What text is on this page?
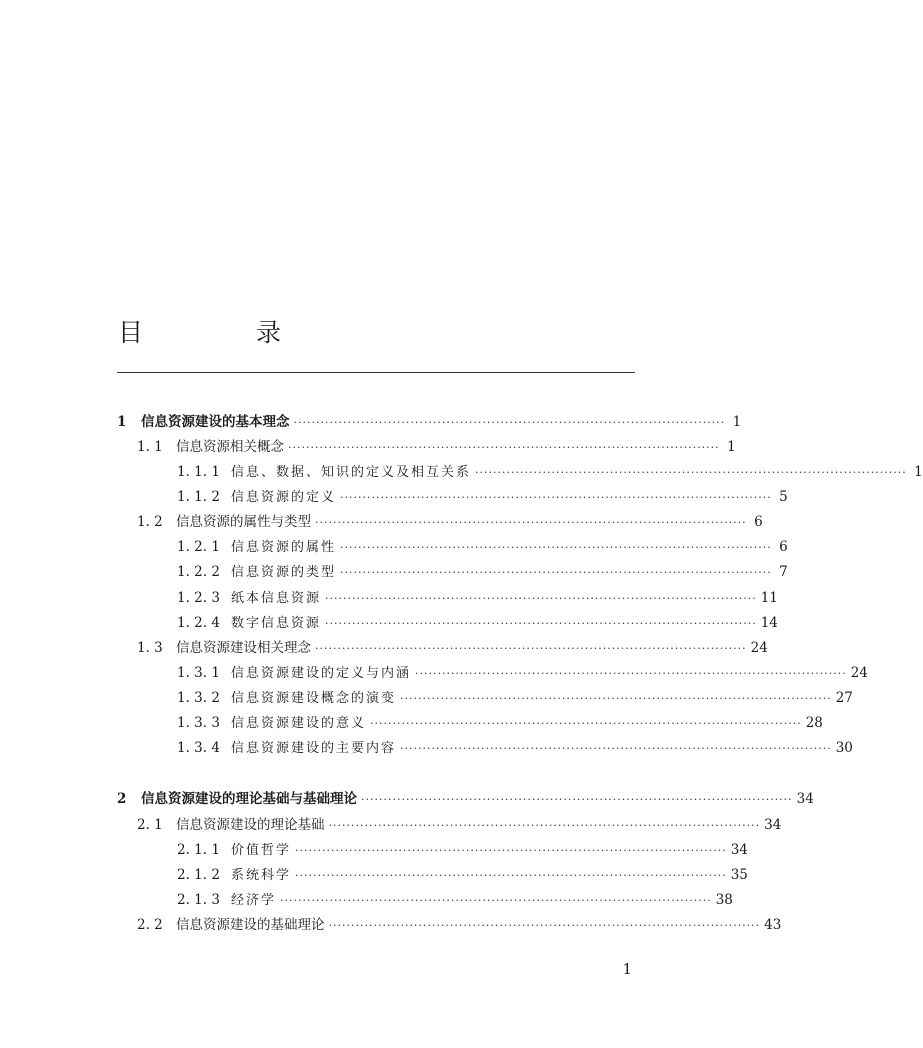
目　录
1	信息资源建设的基本理念 ································································································ 1
1. 1 信息资源相关概念 ································································································ 1
1. 1. 1 信息、数据、知识的定义及相互关系 ································································································ 1
1. 1. 2 信息资源的定义 ································································································ 5
1. 2 信息资源的属性与类型 ································································································ 6
1. 2. 1 信息资源的属性 ································································································ 6
1. 2. 2 信息资源的类型 ································································································ 7
1. 2. 3 纸本信息资源 ································································································ 11
1. 2. 4 数字信息资源 ································································································ 14
1. 3 信息资源建设相关理念 ································································································ 24
1. 3. 1 信息资源建设的定义与内涵 ································································································ 24
1. 3. 2 信息资源建设概念的演变 ································································································ 27
1. 3. 3 信息资源建设的意义 ································································································ 28
1. 3. 4 信息资源建设的主要内容 ································································································ 30
2	信息资源建设的理论基础与基础理论 ································································································ 34
2. 1 信息资源建设的理论基础 ································································································ 34
2. 1. 1 价值哲学 ································································································ 34
2. 1. 2 系统科学 ································································································ 35
2. 1. 3 经济学 ································································································ 38
2. 2 信息资源建设的基础理论 ································································································ 43
1
